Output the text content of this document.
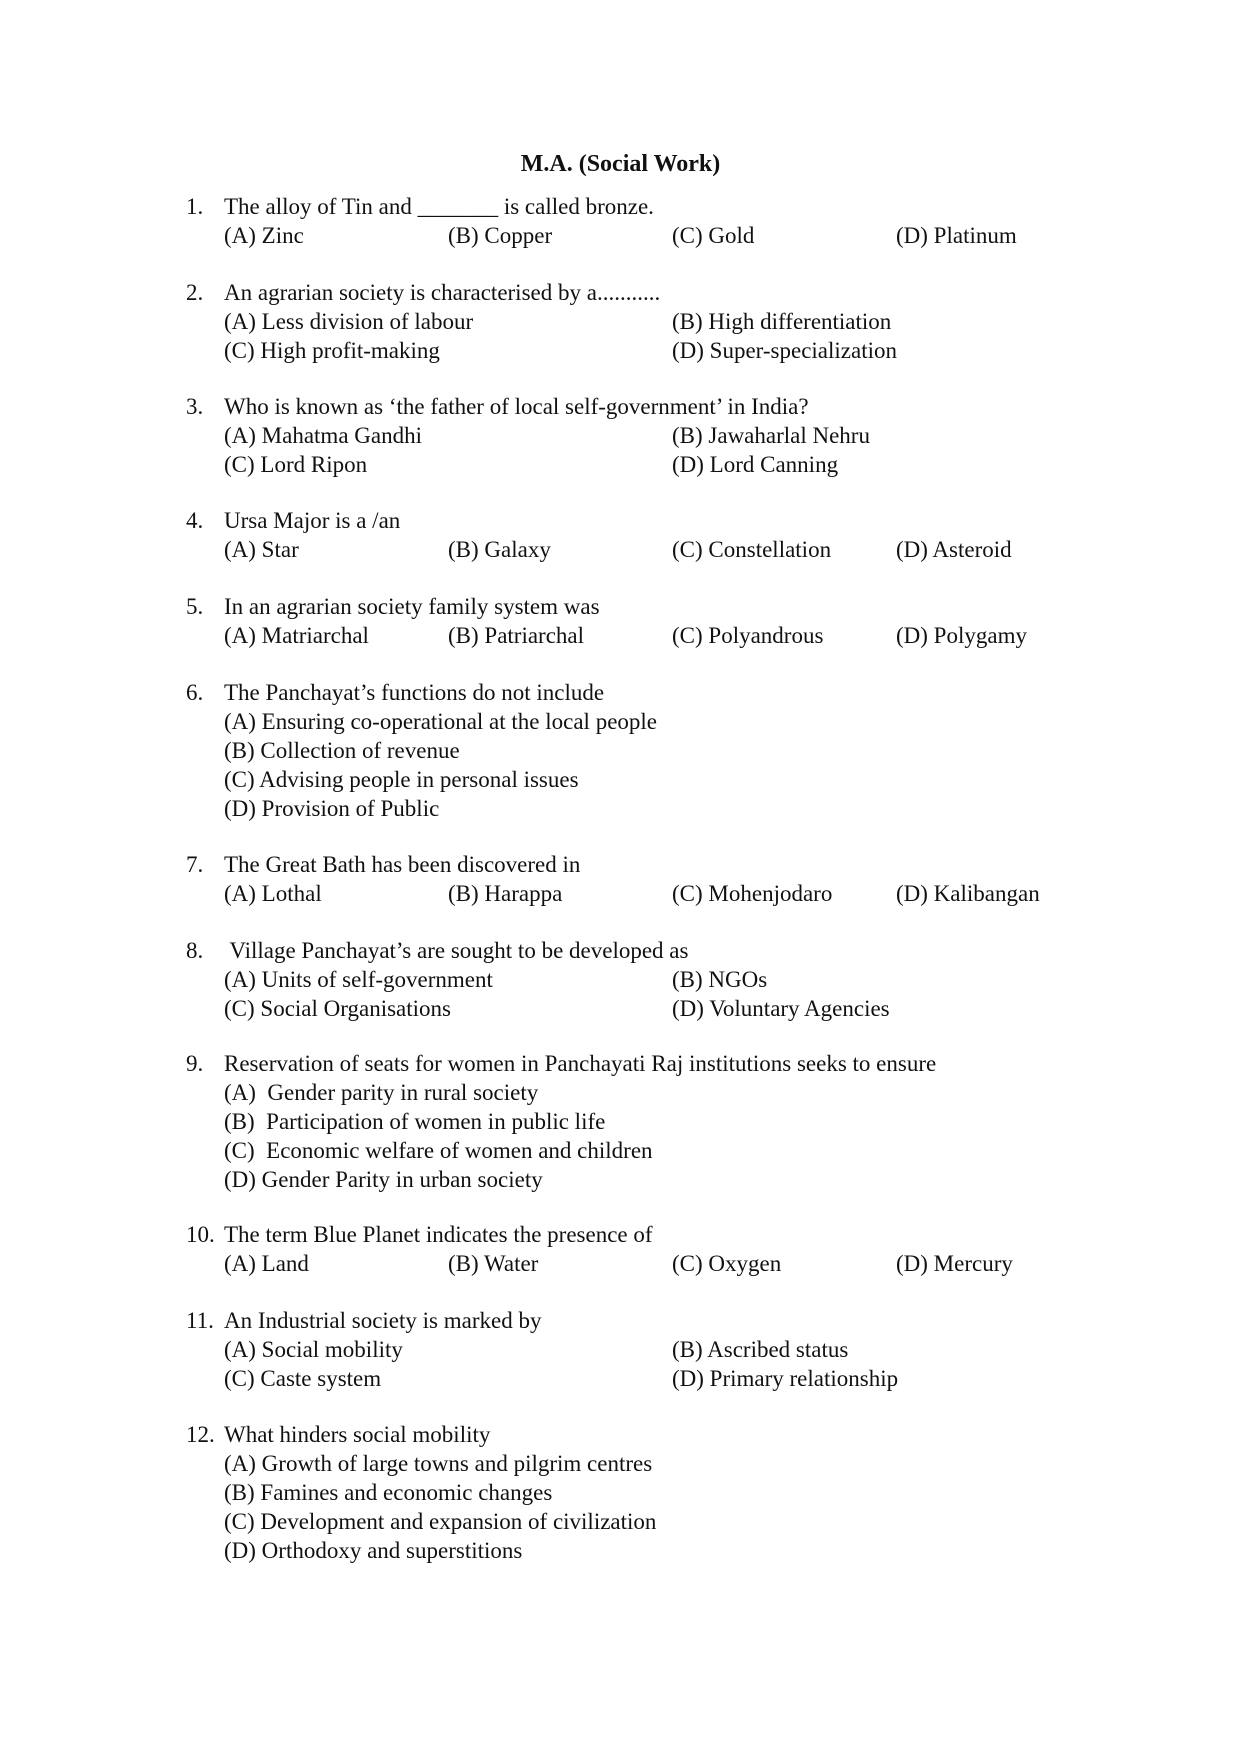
M.A. (Social Work)
1. The alloy of Tin and _______ is called bronze.
(A) Zinc	(B) Copper	(C) Gold	(D) Platinum
2. An agrarian society is characterised by a...........
(A) Less division of labour	(B) High differentiation
(C) High profit-making	(D) Super-specialization
3. Who is known as ‘the father of local self-government’ in India?
(A) Mahatma Gandhi	(B) Jawaharlal Nehru
(C) Lord Ripon	(D) Lord Canning
4. Ursa Major is a /an
(A) Star	(B) Galaxy	(C) Constellation	(D) Asteroid
5. In an agrarian society family system was
(A) Matriarchal	(B) Patriarchal	(C) Polyandrous	(D) Polygamy
6. The Panchayat’s functions do not include
(A) Ensuring co-operational at the local people
(B) Collection of revenue
(C) Advising people in personal issues
(D) Provision of Public
7. The Great Bath has been discovered in
(A) Lothal	(B) Harappa	(C) Mohenjodaro	(D) Kalibangan
8. Village Panchayat’s are sought to be developed as
(A) Units of self-government	(B) NGOs
(C) Social Organisations	(D) Voluntary Agencies
9. Reservation of seats for women in Panchayati Raj institutions seeks to ensure
(A)  Gender parity in rural society
(B)  Participation of women in public life
(C)  Economic welfare of women and children
(D) Gender Parity in urban society
10. The term Blue Planet indicates the presence of
(A) Land	(B) Water	(C) Oxygen	(D) Mercury
11. An Industrial society is marked by
(A) Social mobility	(B) Ascribed status
(C) Caste system	(D) Primary relationship
12. What hinders social mobility
(A) Growth of large towns and pilgrim centres
(B) Famines and economic changes
(C) Development and expansion of civilization
(D) Orthodoxy and superstitions
